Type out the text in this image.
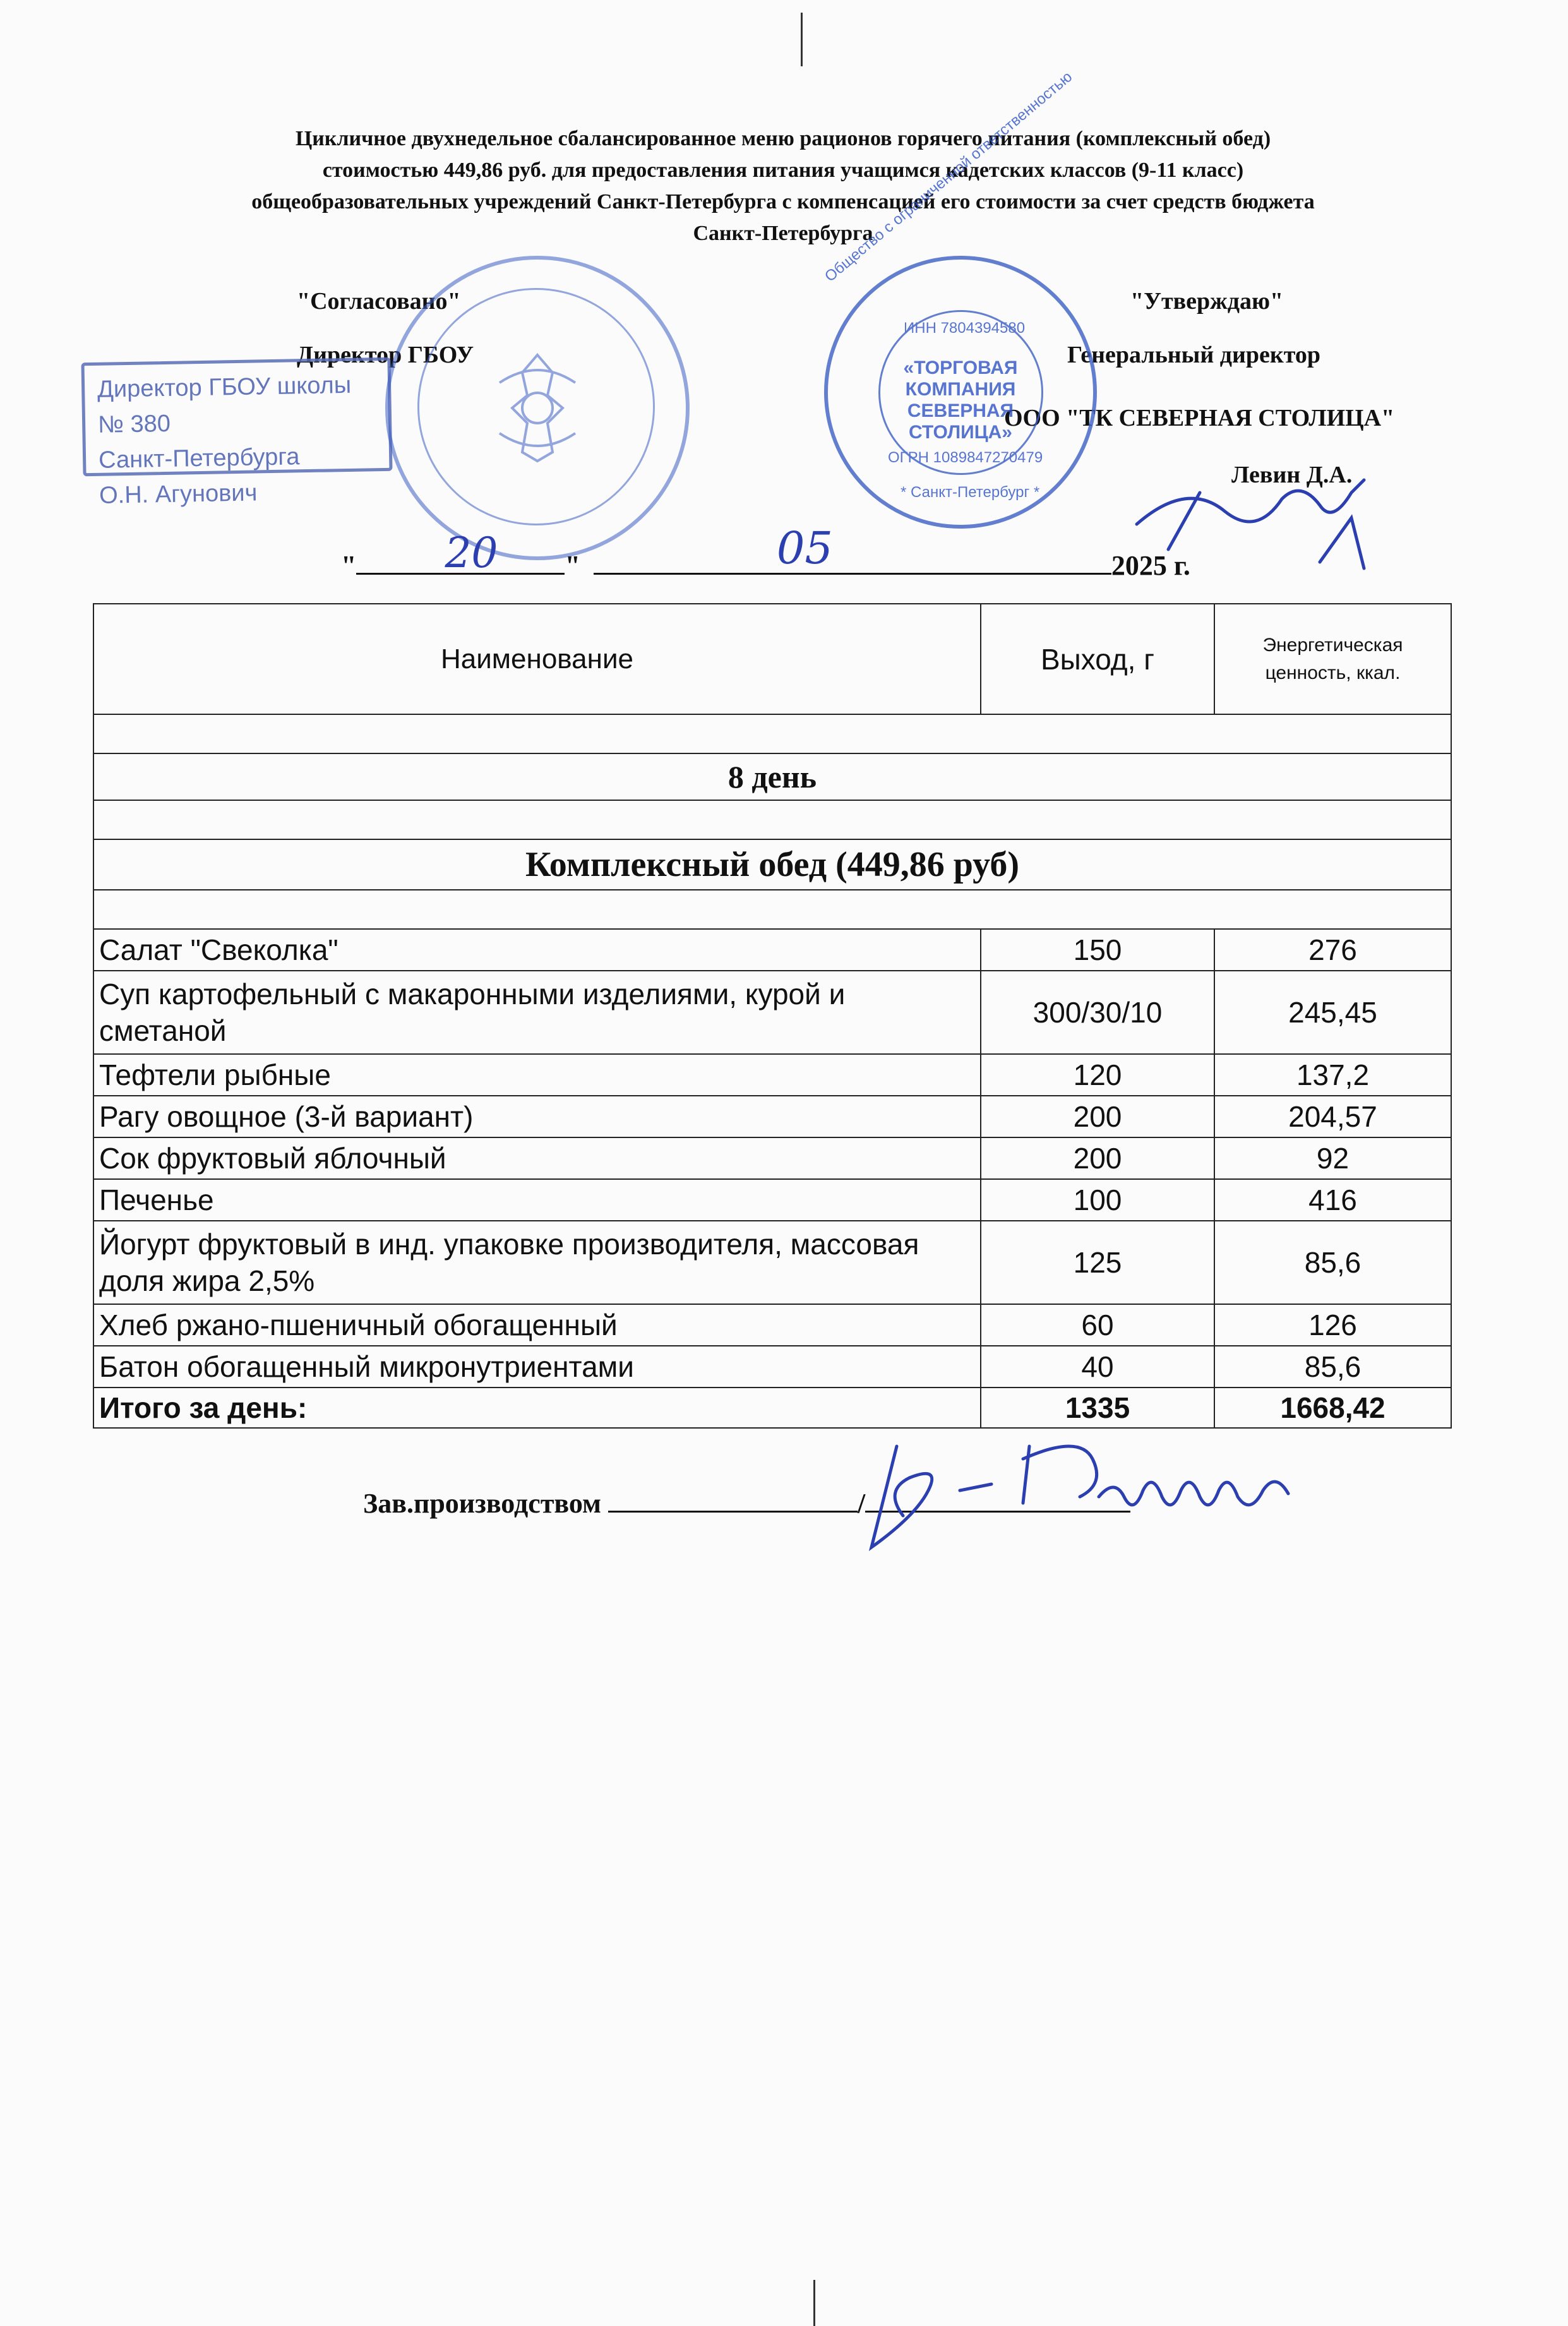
Цикличное двухнедельное сбалансированное меню рационов горячего питания (комплексный обед)
стоимостью 449,86 руб. для предоставления питания учащимся кадетских классов (9-11 класс)
общеобразовательных учреждений Санкт-Петербурга с компенсацией его стоимости за счет средств бюджета
Санкт-Петербурга
"Согласовано"
Директор ГБОУ
"Утверждаю"
Генеральный директор
ООО "ТК СЕВЕРНАЯ СТОЛИЦА"
Левин Д.А.
Директор ГБОУ школы № 380
Санкт-Петербурга
О.Н. Агунович
«ТОРГОВАЯ
КОМПАНИЯ
СЕВЕРНАЯ
СТОЛИЦА»
Общество с ограниченной ответственностью
ИНН 7804394580
ОГРН 1089847270479
* Санкт-Петербург *
" 20 "	05	2025 г.
Наименование	Выход, г	Энергетическая ценность, ккал.

8 день		

Комплексный обед (449,86 руб)		

Салат "Свеколка"	150	276
Суп картофельный с макаронными изделиями, курой и сметаной	300/30/10	245,45
Тефтели рыбные	120	137,2
Рагу овощное (3-й вариант)	200	204,57
Сок фруктовый яблочный	200	92
Печенье	100	416
Йогурт фруктовый в инд. упаковке производителя, массовая доля жира 2,5%	125	85,6
Хлеб ржано-пшеничный обогащенный	60	126
Батон обогащенный микронутриентами	40	85,6
Итого за день:	1335	1668,42
Зав.производством	/
